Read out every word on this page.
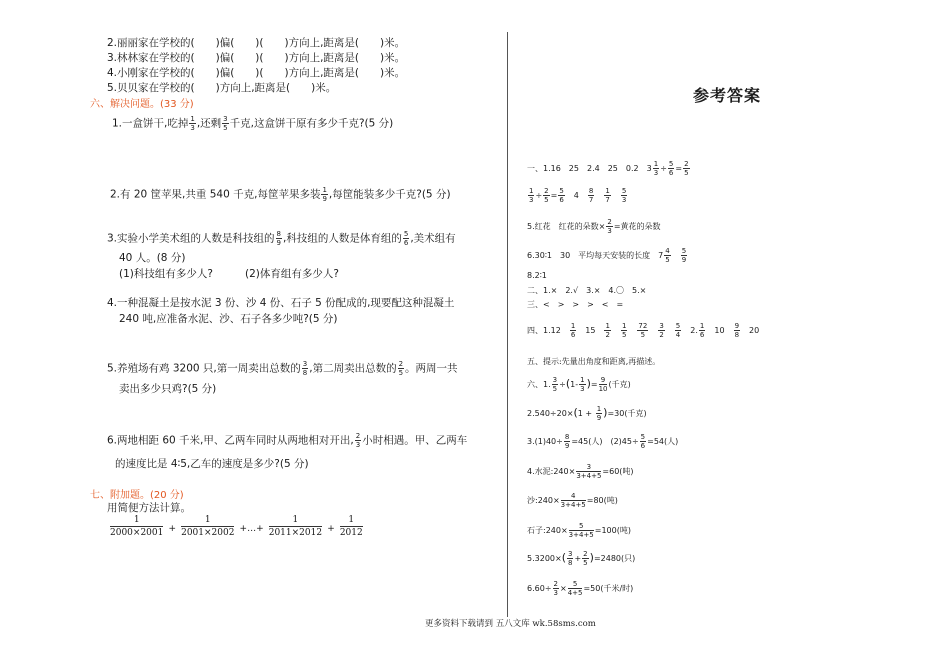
2.丽丽家在学校的(　　)偏(　　)(　　)方向上,距离是(　　)米。
3.林林家在学校的(　　)偏(　　)(　　)方向上,距离是(　　)米。
4.小刚家在学校的(　　)偏(　　)(　　)方向上,距离是(　　)米。
5.贝贝家在学校的(　　)方向上,距离是(　　)米。
六、解决问题。(33 分)
1.一盒饼干,吃掉 $\frac{1}{3}$ ,还剩 $\frac{3}{5}$ 千克,这盒饼干原有多少千克?(5 分)
2.有 20 筐苹果,共重 540 千克,每筐苹果多装 $\frac{1}{9}$ ,每筐能装多少千克?(5 分)
3.实验小学美术组的人数是科技组的 $\frac{8}{9}$ ,科技组的人数是体育组的 $\frac{5}{6}$ ,美术组有
40 人。(8 分)
(1)科技组有多少人?	(2)体育组有多少人?
4.一种混凝土是按水泥 3 份、沙 4 份、石子 5 份配成的,现要配这种混凝土
240 吨,应准备水泥、沙、石子各多少吨?(5 分)
5.养殖场有鸡 3200 只,第一周卖出总数的 $\frac{3}{8}$ ,第二周卖出总数的 $\frac{2}{5}$ 。两周一共
卖出多少只鸡?(5 分)
6.两地相距 60 千米,甲、乙两车同时从两地相对开出, $\frac{2}{3}$ 小时相遇。甲、乙两车
的速度比是 4∶5,乙车的速度是多少?(5 分)
七、附加题。(20 分)
用简便方法计算。
$\frac{1}{2000\times 2001} + \frac{1}{2001\times 2002}$ +…+ $\frac{1}{2011\times 2012} + \frac{1}{2012}$
参考答案
一、1.16　25　2.4　25　0.2　$3 \frac{1}{3} \div \frac{5}{6} = \frac{2}{5}$
$\frac{1}{3} \div \frac{2}{5} = \frac{5}{6}$ 　4　 $\frac{8}{7}$
　 $\frac{1}{7}$
　 $\frac{5}{3}$
5.红花　红花的朵数× $\frac{2}{3}$ =黄花的朵数
6.30∶1　30　平均每天安装的长度　$7 \frac{4}{5}$
　 $\frac{5}{9}$
8.2∶1
二、1.×　2.√　3.×　4.〇　5.×
三、<　>　>　>　<　=
四、1.12　 $\frac{1}{6}$ 　15　 $\frac{1}{2}$
　 $\frac{1}{5}$
　 $\frac{72}{5}$
　 $\frac{3}{2}$
　 $\frac{5}{4}$ 　2. $\frac{1}{6}$ 　10　 $\frac{9}{8}$ 　20
五、提示:先量出角度和距离,再描述。
六、1. $\frac{3}{5} \div(1- \frac{1}{3}$ )= $\frac{9}{10}$ (千克)
$2.540\div 20\times(1 + \frac{1}{9} )=30$(千克)
$3.(1)40\div \frac{8}{9} =45$(人)　$(2)45\div \frac{5}{6} =54$(人)
4.水泥:240× $\frac{3}{3+4+5} =60$(吨)
沙:240× $\frac{4}{3+4+5} =80$(吨)
石子:240× $\frac{5}{3+4+5} =100$(吨)
$5.3200\times( \frac{3}{8} + \frac{2}{5} )=2480$(只)
$6.60\div \frac{2}{3} \times \frac{5}{4+5} =50$(千米/时)
更多资料下载请到 五八文库 wk.58sms.com
